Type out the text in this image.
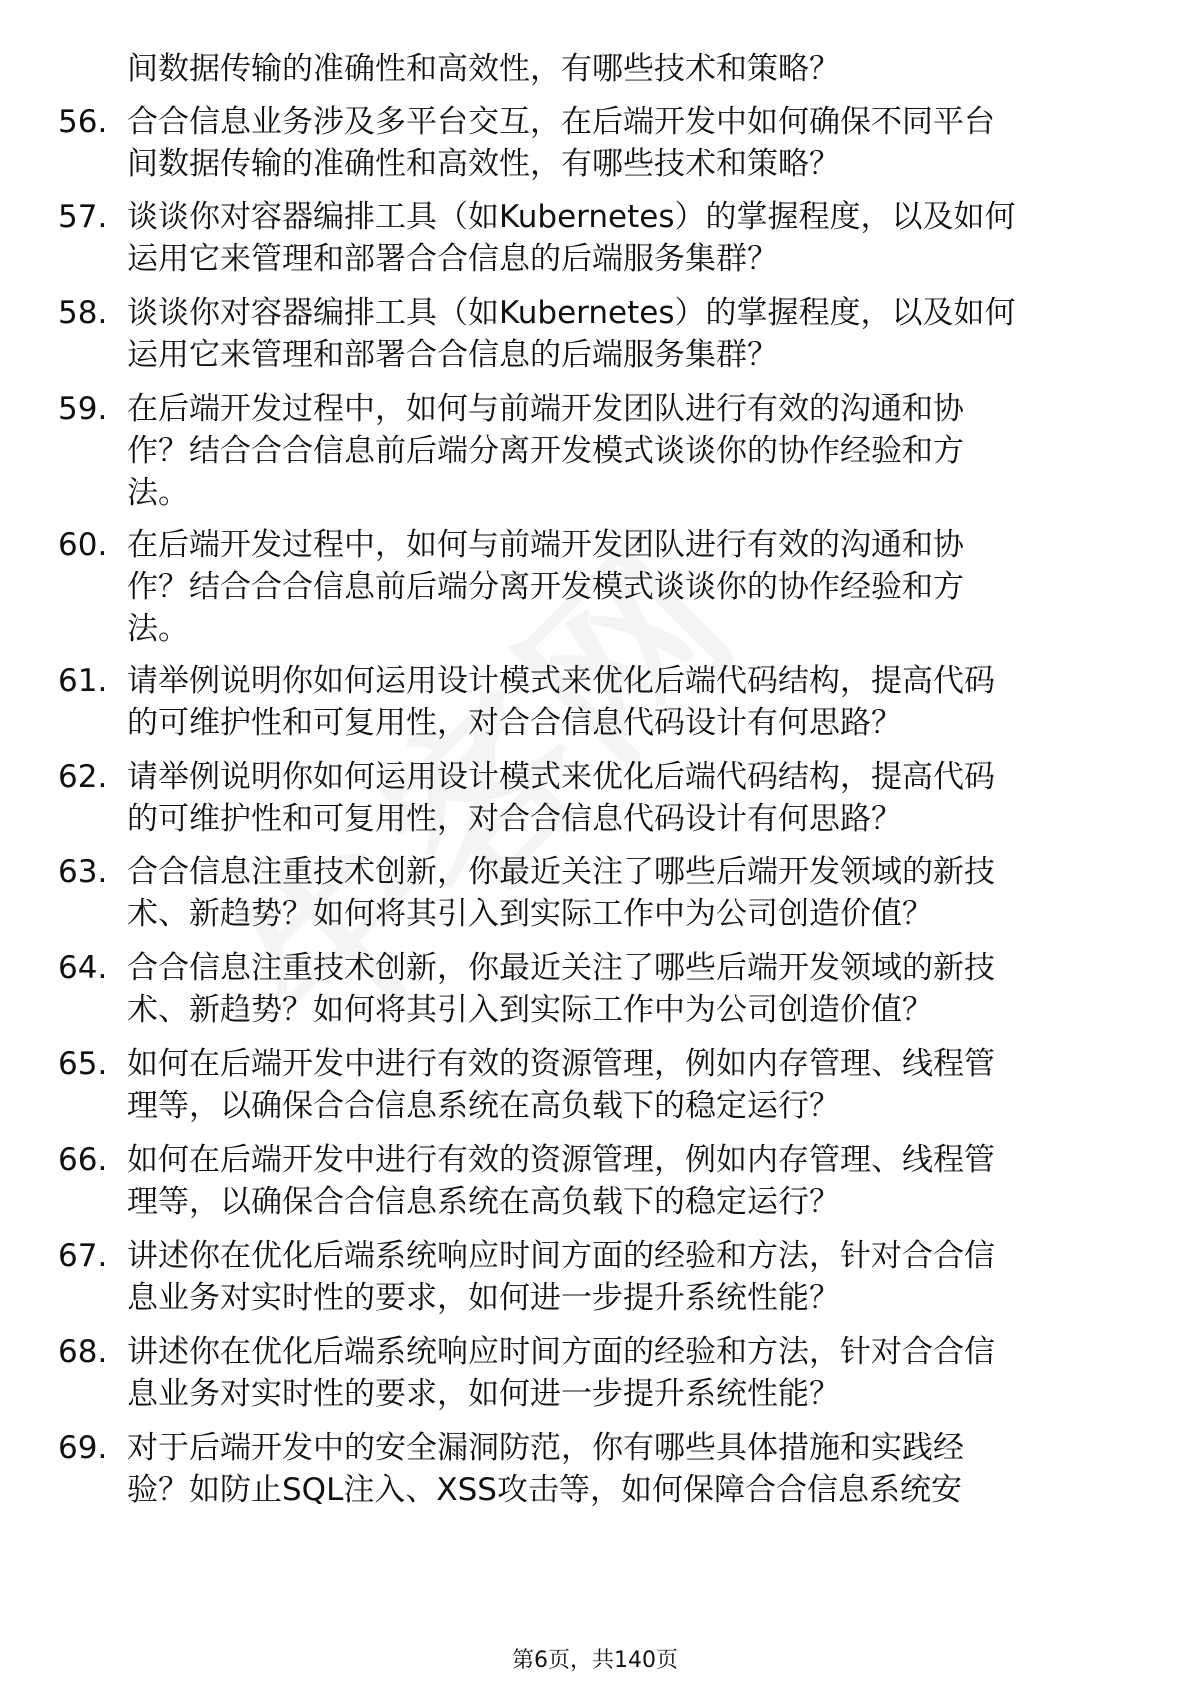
间数据传输的准确性和高效性，有哪些技术和策略？
56. 合合信息业务涉及多平台交互，在后端开发中如何确保不同平台
间数据传输的准确性和高效性，有哪些技术和策略？
57. 谈谈你对容器编排工具（如Kubernetes）的掌握程度，以及如何
运用它来管理和部署合合信息的后端服务集群？
58. 谈谈你对容器编排工具（如Kubernetes）的掌握程度，以及如何
运用它来管理和部署合合信息的后端服务集群？
59. 在后端开发过程中，如何与前端开发团队进行有效的沟通和协
作？结合合合信息前后端分离开发模式谈谈你的协作经验和方
法。
60. 在后端开发过程中，如何与前端开发团队进行有效的沟通和协
作？结合合合信息前后端分离开发模式谈谈你的协作经验和方
法。
61. 请举例说明你如何运用设计模式来优化后端代码结构，提高代码
的可维护性和可复用性，对合合信息代码设计有何思路？
62. 请举例说明你如何运用设计模式来优化后端代码结构，提高代码
的可维护性和可复用性，对合合信息代码设计有何思路？
63. 合合信息注重技术创新，你最近关注了哪些后端开发领域的新技
术、新趋势？如何将其引入到实际工作中为公司创造价值？
64. 合合信息注重技术创新，你最近关注了哪些后端开发领域的新技
术、新趋势？如何将其引入到实际工作中为公司创造价值？
65. 如何在后端开发中进行有效的资源管理，例如内存管理、线程管
理等，以确保合合信息系统在高负载下的稳定运行？
66. 如何在后端开发中进行有效的资源管理，例如内存管理、线程管
理等，以确保合合信息系统在高负载下的稳定运行？
67. 讲述你在优化后端系统响应时间方面的经验和方法，针对合合信
息业务对实时性的要求，如何进一步提升系统性能？
68. 讲述你在优化后端系统响应时间方面的经验和方法，针对合合信
息业务对实时性的要求，如何进一步提升系统性能？
69. 对于后端开发中的安全漏洞防范，你有哪些具体措施和实践经
验？如防止SQL注入、XSS攻击等，如何保障合合信息系统安
第6页，共140页
